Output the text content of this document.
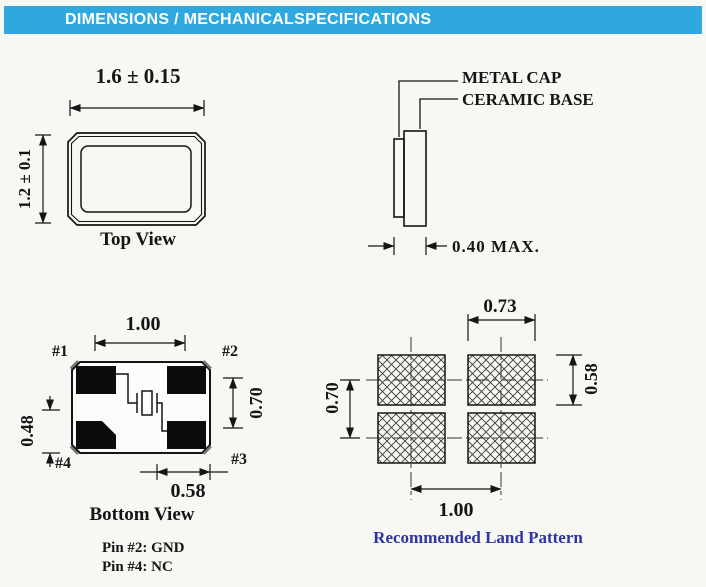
DIMENSIONS / MECHANICALSPECIFICATIONS
1.6 ± 0.15
1.2 ± 0.1
Top View
METAL CAP
CERAMIC BASE
0.40 MAX.
1.00
#1	#2
#3
#4
0.70
0.48
0.58
Bottom View
Pin #2: GND
Pin #4: NC
0.73
0.58
0.70
1.00
Recommended Land Pattern
